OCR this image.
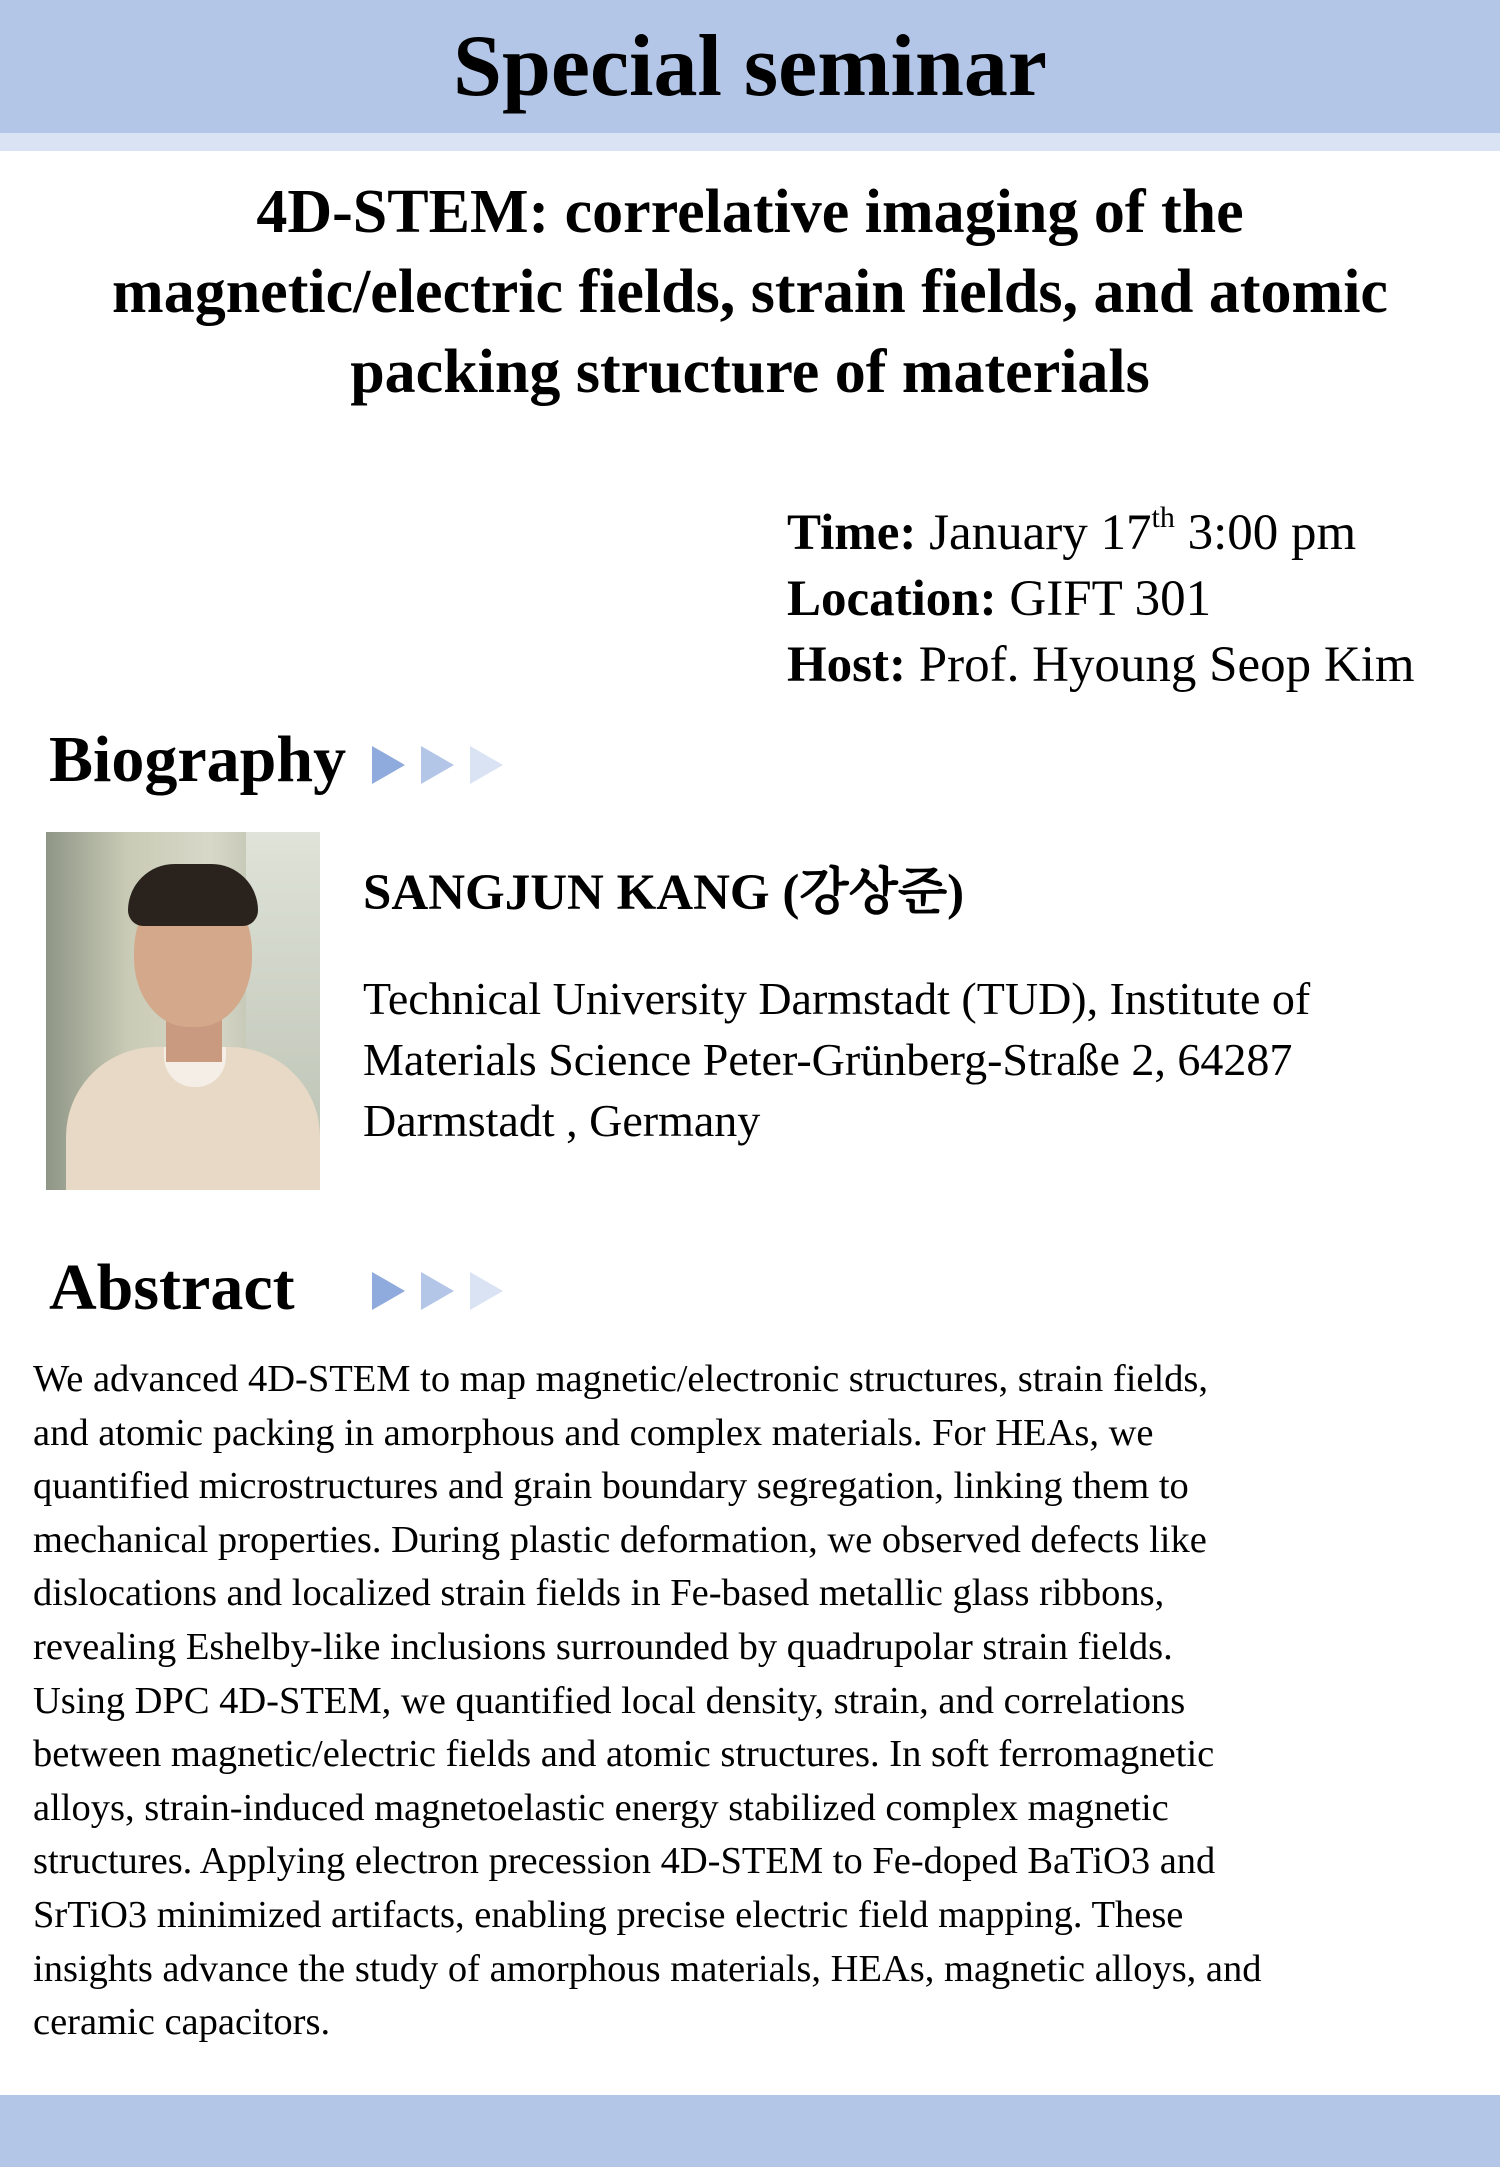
Special seminar
4D-STEM: correlative imaging of the
magnetic/electric fields, strain fields, and atomic
packing structure of materials
Time: January 17th 3:00 pm
Location: GIFT 301
Host: Prof. Hyoung Seop Kim
Biography
SANGJUN KANG (강상준)
Technical University Darmstadt (TUD), Institute of
Materials Science Peter-Grünberg-Straße 2, 64287
Darmstadt , Germany
Abstract
We advanced 4D-STEM to map magnetic/electronic structures, strain fields,
and atomic packing in amorphous and complex materials. For HEAs, we
quantified microstructures and grain boundary segregation, linking them to
mechanical properties. During plastic deformation, we observed defects like
dislocations and localized strain fields in Fe-based metallic glass ribbons,
revealing Eshelby-like inclusions surrounded by quadrupolar strain fields.
Using DPC 4D-STEM, we quantified local density, strain, and correlations
between magnetic/electric fields and atomic structures. In soft ferromagnetic
alloys, strain-induced magnetoelastic energy stabilized complex magnetic
structures. Applying electron precession 4D-STEM to Fe-doped BaTiO3 and
SrTiO3 minimized artifacts, enabling precise electric field mapping. These
insights advance the study of amorphous materials, HEAs, magnetic alloys, and
ceramic capacitors.
